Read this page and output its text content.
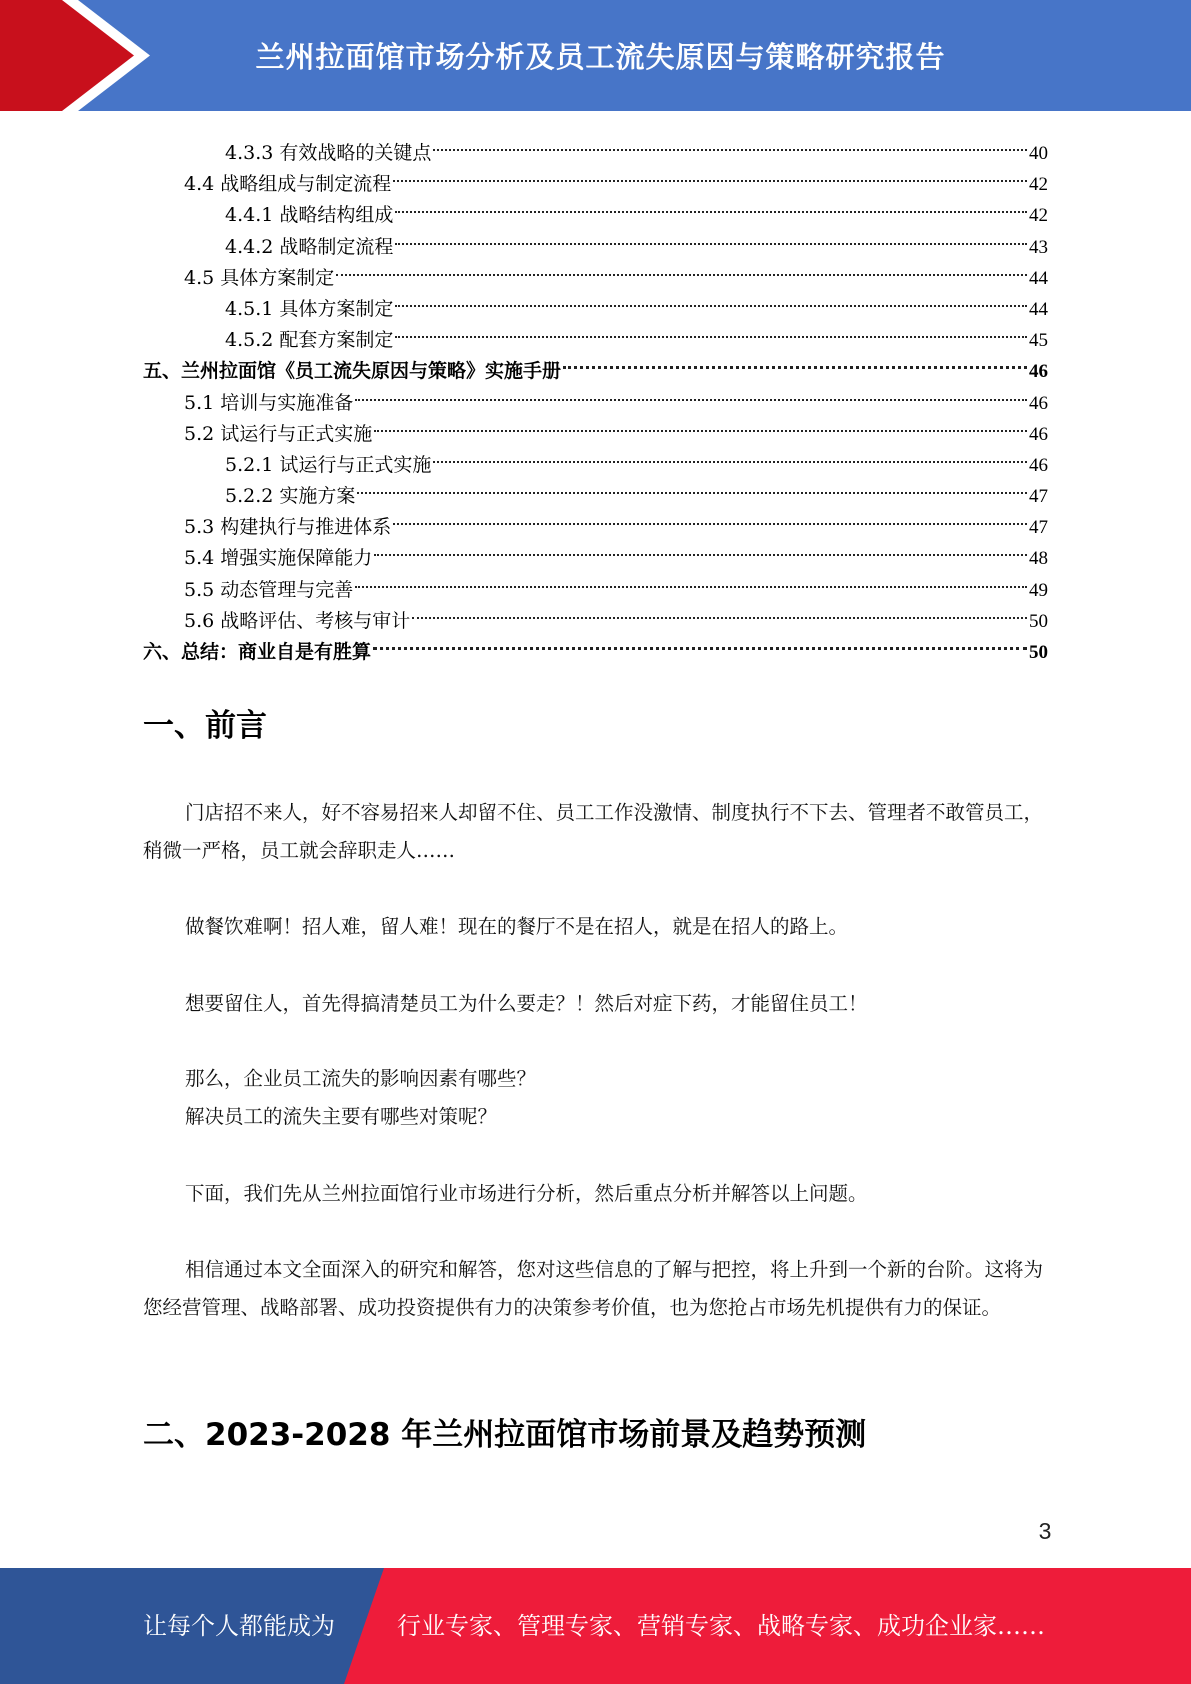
兰州拉面馆市场分析及员工流失原因与策略研究报告
4.3.3 有效战略的关键点	40
4.4 战略组成与制定流程	42
4.4.1 战略结构组成	42
4.4.2 战略制定流程	43
4.5 具体方案制定	44
4.5.1 具体方案制定	44
4.5.2 配套方案制定	45
五、兰州拉面馆《员工流失原因与策略》实施手册	46
5.1 培训与实施准备	46
5.2 试运行与正式实施	46
5.2.1 试运行与正式实施	46
5.2.2 实施方案	47
5.3 构建执行与推进体系	47
5.4 增强实施保障能力	48
5.5 动态管理与完善	49
5.6 战略评估、考核与审计	50
六、总结：商业自是有胜算	50
一、前言
门店招不来人，好不容易招来人却留不住、员工工作没激情、制度执行不下去、管理者不敢管员工，稍微一严格，员工就会辞职走人……
做餐饮难啊！招人难，留人难！现在的餐厅不是在招人，就是在招人的路上。
想要留住人，首先得搞清楚员工为什么要走？！然后对症下药，才能留住员工！
那么，企业员工流失的影响因素有哪些？
解决员工的流失主要有哪些对策呢？
下面，我们先从兰州拉面馆行业市场进行分析，然后重点分析并解答以上问题。
相信通过本文全面深入的研究和解答，您对这些信息的了解与把控，将上升到一个新的台阶。这将为您经营管理、战略部署、成功投资提供有力的决策参考价值，也为您抢占市场先机提供有力的保证。
二、2023-2028 年兰州拉面馆市场前景及趋势预测
3
让每个人都能成为	行业专家、管理专家、营销专家、战略专家、成功企业家……
